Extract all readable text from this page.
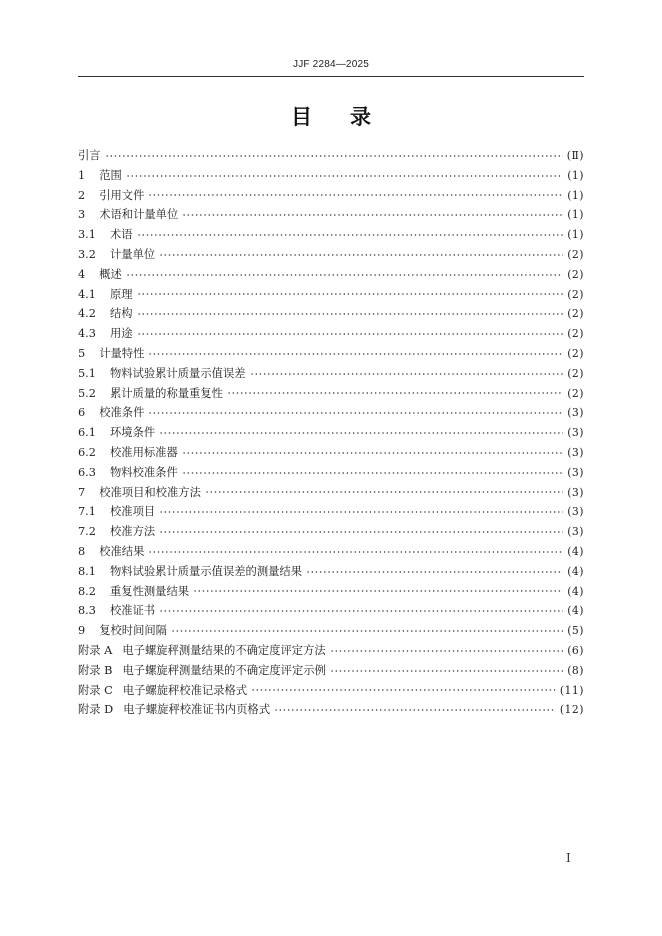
JJF 2284—2025
目录
引言	(Ⅱ)
1 范围	(1)
2 引用文件	(1)
3 术语和计量单位	(1)
3.1 术语	(1)
3.2 计量单位	(2)
4 概述	(2)
4.1 原理	(2)
4.2 结构	(2)
4.3 用途	(2)
5 计量特性	(2)
5.1 物料试验累计质量示值误差	(2)
5.2 累计质量的称量重复性	(2)
6 校准条件	(3)
6.1 环境条件	(3)
6.2 校准用标准器	(3)
6.3 物料校准条件	(3)
7 校准项目和校准方法	(3)
7.1 校准项目	(3)
7.2 校准方法	(3)
8 校准结果	(4)
8.1 物料试验累计质量示值误差的测量结果	(4)
8.2 重复性测量结果	(4)
8.3 校准证书	(4)
9 复校时间间隔	(5)
附录 A 电子螺旋秤测量结果的不确定度评定方法	(6)
附录 B 电子螺旋秤测量结果的不确定度评定示例	(8)
附录 C 电子螺旋秤校准记录格式	(11)
附录 D 电子螺旋秤校准证书内页格式	(12)
Ⅰ
